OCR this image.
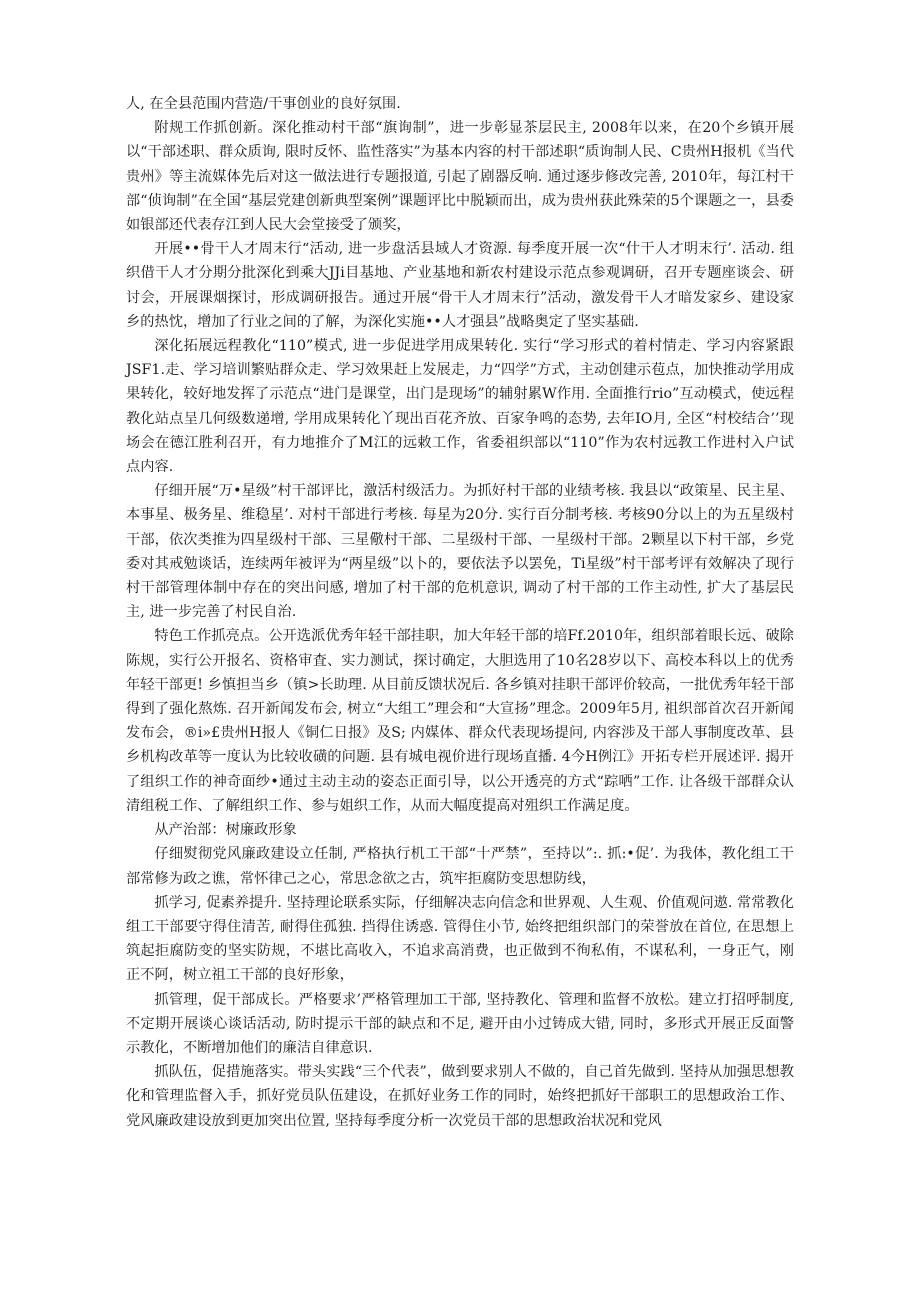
人, 在全县范围内营造/干事创业的良好氛围.

附规工作抓创新。深化推动村干部“旗询制”，进一步彰显茶层民主, 2008年以来，在20个乡镇开展以“干部述职、群众质询, 限时反怀、监性落实”为基本内容的村干部述职“质询制人民、C贵州H报机《当代贵州》等主流媒体先后对这一做法进行专题报道, 引起了剧器反响. 通过逐步修改完善, 2010年，每江村干部“侦询制”在全国“基层党建创新典型案例”课题评比中脱颖而出，成为贵州获此殊荣的5个课题之一，县委如银部还代表存江到人民大会堂接受了颁奖，

开展••骨干人才周末行“活动, 进一步盘活县域人才资源. 每季度开展一次“什干人才明末行’. 活动. 组织借干人才分期分批深化到乘大JJi目基地、产业基地和新农村建设示范点参观调研，召开专题座谈会、研讨会，开展课烟探讨，形成调研报告。通过开展“骨干人才周末行”活动，激发骨干人才暗发家乡、建设家乡的热忱，增加了行业之间的了解，为深化实施••人才强县”战略奥定了坚实基础.

深化拓展远程教化“110”模式, 进一步促进学用成果转化. 实行“学习形式的着村情走、学习内容紧跟JSF1.走、学习培训繁贴群众走、学习效果赶上发展走，力“四学”方式，主动创建示苞点，加快推动学用成果转化，较好地发挥了示范点“进门是课堂，出门是现场”的辅射累W作用. 全面推行rio”互动模式，使远程教化站点呈几何级数递增, 学用成果转化丫现出百花齐放、百家争鸣的态势, 去年IO月, 全区“村校结合’’现场会在德江胜利召开，有力地推介了M江的远敕工作，省委祖织部以“110”作为农村远教工作进村入户试点内容.

仔细开展“万•星级”村干部评比，激活村级活力。为抓好村干部的业绩考核. 我县以“政策星、民主星、本事星、极务星、维稳星’. 对村干部进行考核. 每星为20分. 实行百分制考核. 考核90分以上的为五星级村干部，依次类推为四星级村干部、三星儆村干部、二星级村干部、一星级村干部。2颗星以下村干部，乡党委对其戒勉谈话，连续两年被评为“两星级”以卜的，要依法予以罢免，Ti星级”村干部考评有效解决了现行村干部管理体制中存在的突出问感, 增加了村干部的危机意识, 调动了村干部的工作主动性, 扩大了基层民主, 进一步完善了村民自治.

特色工作抓亮点。公开选派优秀年轻干部挂职，加大年轻干部的培Ff.2010年，组织部着眼长远、破除陈规，实行公开报名、资格审査、实力测试，探讨确定，大胆选用了10名28岁以下、高校本科以上的优秀年轻干部更! 乡慎担当乡（镇>长助理. 从目前反馈状况后. 各乡镇对挂职干部评价较高，一批优秀年轻干部得到了强化熬炼. 召开新闻发布会, 树立“大组工”理会和“大宣扬”理念。2009年5月, 祖织部首次召开新闻发布会，®i»£贵州H报人《铜仁日报》及S; 内媒体、群众代表现场提问, 内容涉及干部人事制度改革、县乡机构改革等一度认为比较收磺的问题. 县有城电视价进行现场直播. 4今H例江》开拓专栏开展述评. 揭开了组织工作的神奇面纱•通过主动主动的姿态正面引导，以公开透亮的方式“踪哂”工作. 让各级干部群众认清组税工作、了解组织工作、参与姐织工作，从而大幅度提高对殂织工作满足度。

从产治部：树廉政形象

仔细熨彻党风廉政建设立任制, 严格执行机工干部“十严禁”，至持以”:. 抓:•促’. 为我体，教化组工干部常修为政之谯，常怀律己之心，常思念欲之古，筑牢拒腐防变思想防线，

抓学习, 促素养提升. 坚持理论联系实际，仔细解决志向信念和世界观、人生观、价值观问遨. 常常教化组工干部要守得住清苦, 耐得住孤独. 挡得住诱惑. 管得住小节, 始终把组织部门的荣誉放在首位, 在思想上筑起拒腐防变的坚实防规，不堪比高收入，不追求高消费，也正做到不徇私侑，不谋私利，一身正气，刚正不阿，树立祖工干部的良好形象，

抓管理，促干部成长。严格要求’严格管理加工干部, 坚持教化、管理和监督不放松。建立打招呼制度, 不定期开展谈心谈话活动, 防时提示干部的缺点和不足, 避开由小过铸成大错, 同时，多形式开展正反面警示教化，不断增加他们的廉洁自律意识.

抓队伍，促措施落实。带头实践“三个代表”，做到要求别人不做的，自己首先做到. 坚持从加强思想教化和管理监督入手，抓好党员队伍建设，在抓好业务工作的同时，始终把抓好干部职工的思想政治工作、党风廉政建设放到更加突出位置, 坚持每季度分析一次党员干部的思想政治状况和党风
